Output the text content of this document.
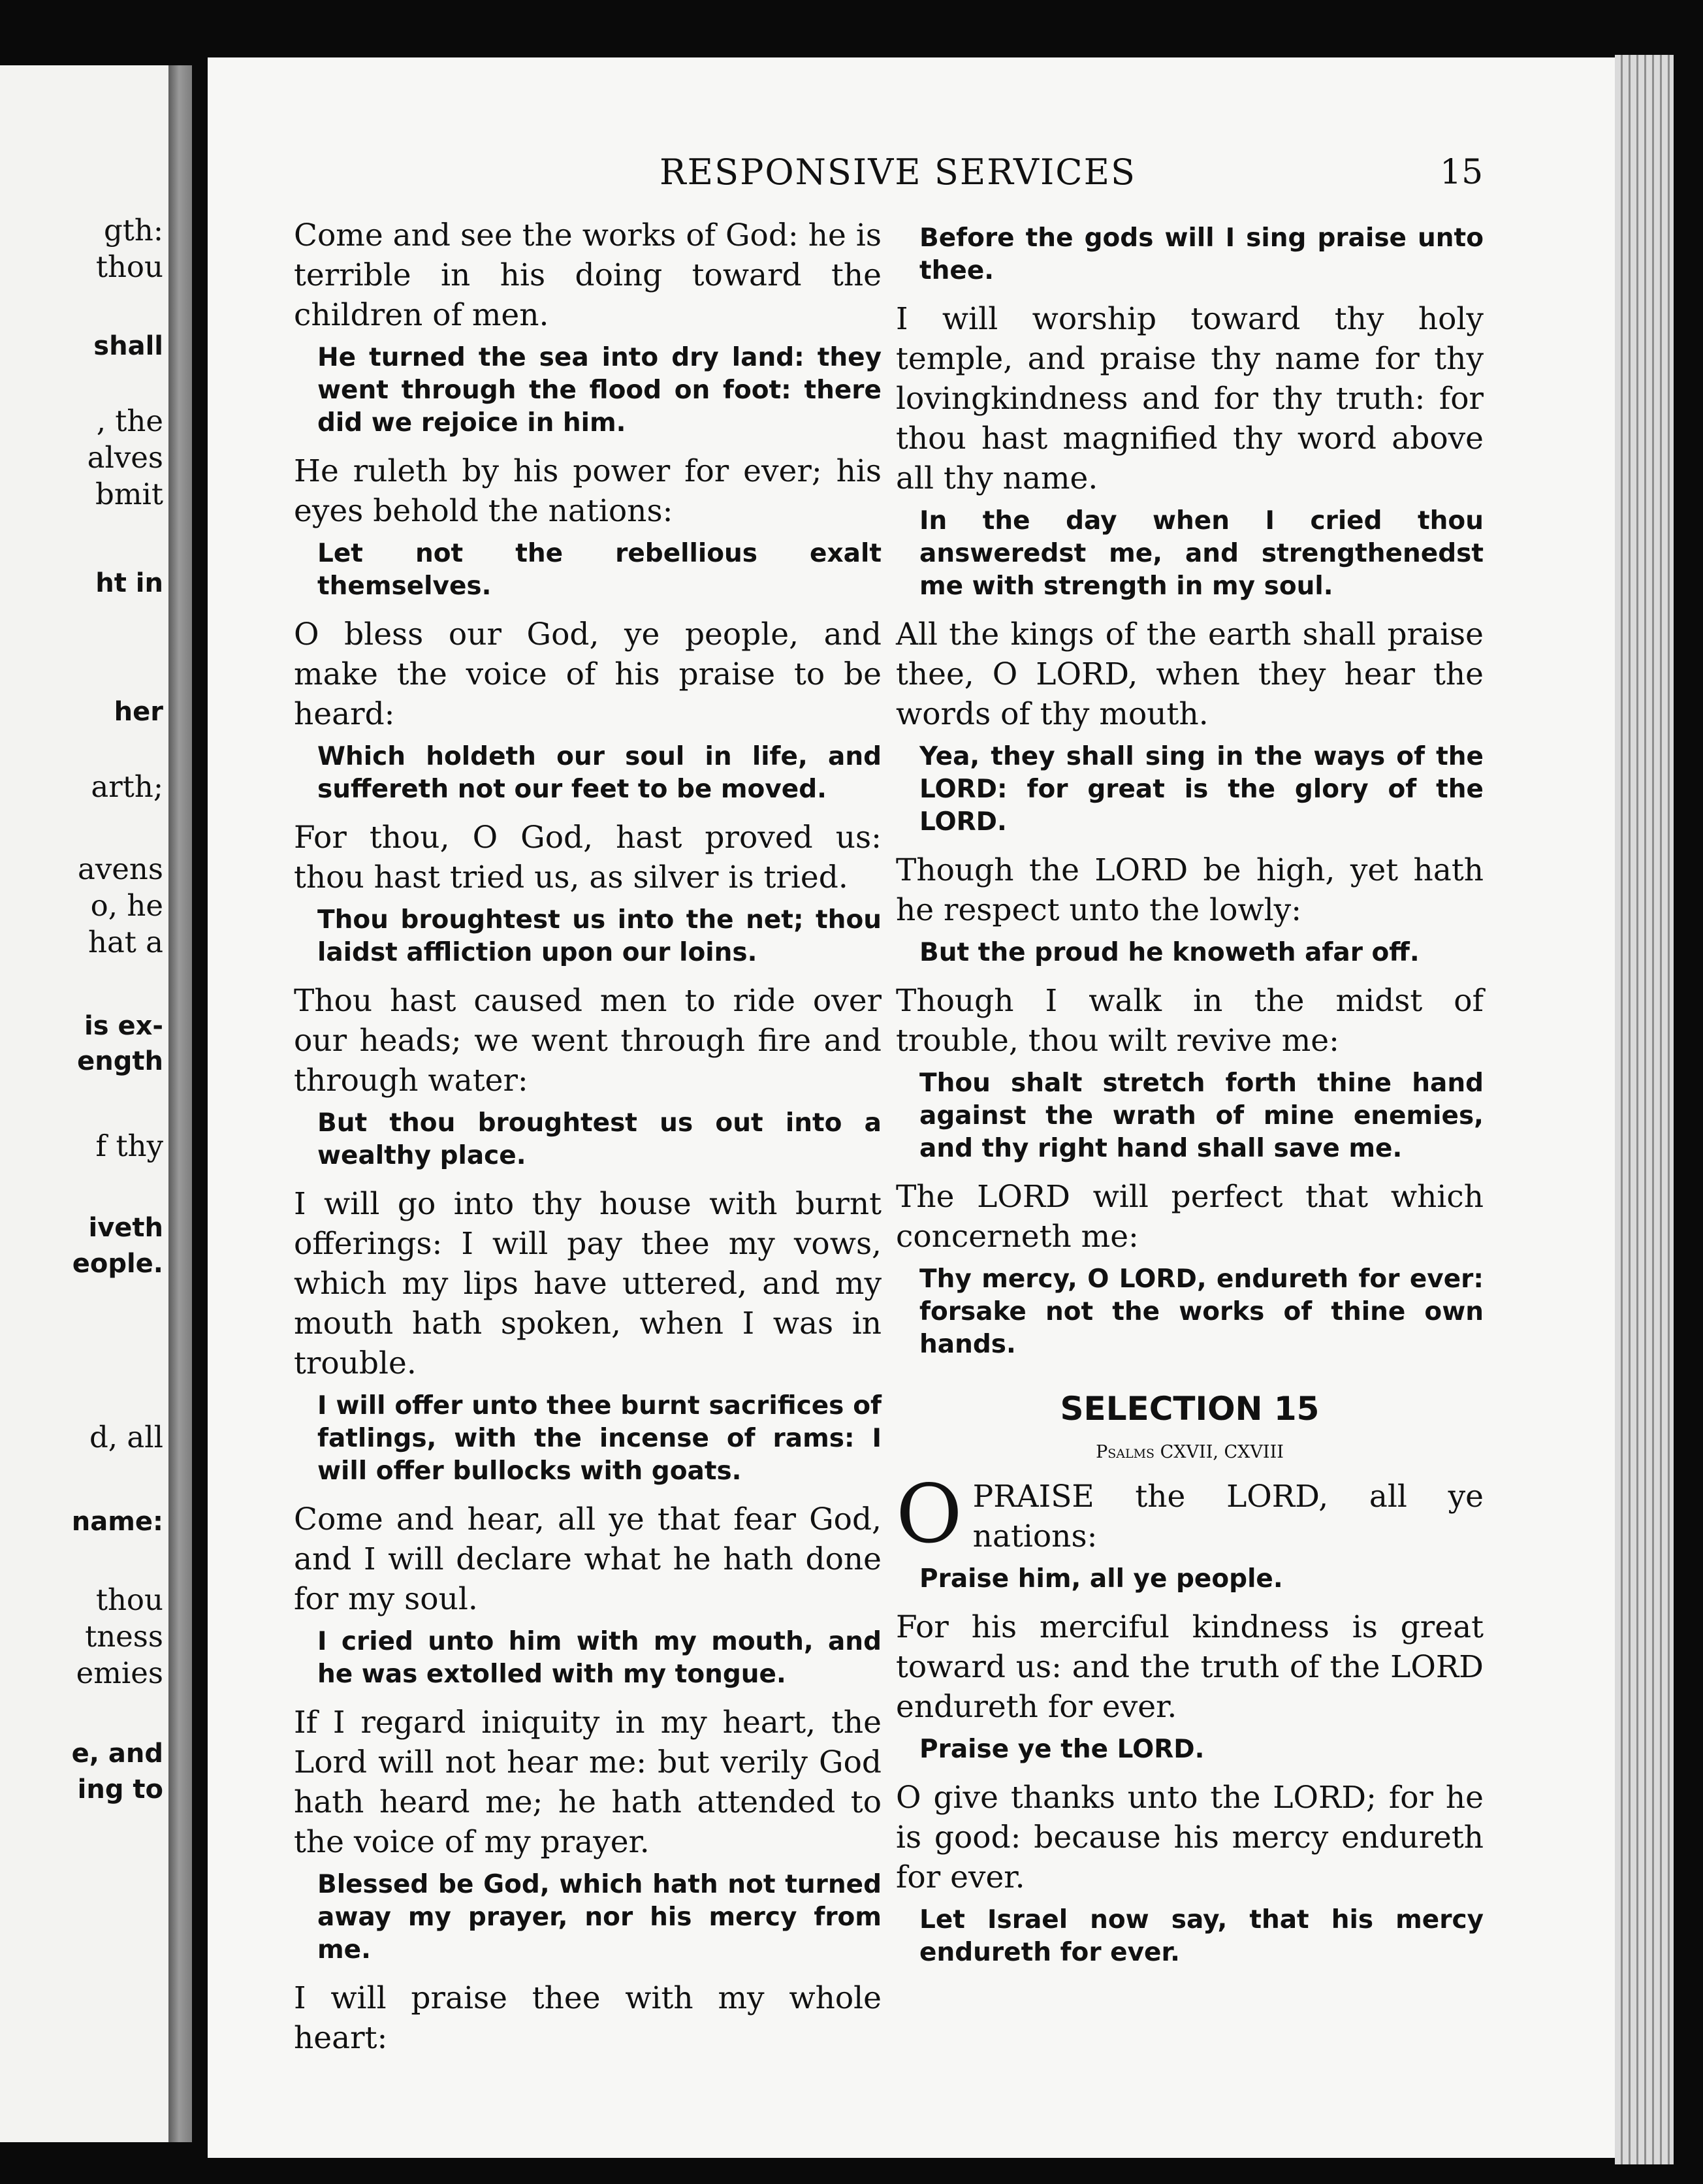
RESPONSIVE SERVICES	15

Come and see the works of God: he is terrible in his doing toward the children of men.

He turned the sea into dry land: they went through the flood on foot: there did we rejoice in him.

He ruleth by his power for ever; his eyes behold the nations:

Let not the rebellious exalt themselves.

O bless our God, ye people, and make the voice of his praise to be heard:

Which holdeth our soul in life, and suffereth not our feet to be moved.

For thou, O God, hast proved us: thou hast tried us, as silver is tried.

Thou broughtest us into the net; thou laidst affliction upon our loins.

Thou hast caused men to ride over our heads; we went through fire and through water:

But thou broughtest us out into a wealthy place.

I will go into thy house with burnt offerings: I will pay thee my vows, which my lips have uttered, and my mouth hath spoken, when I was in trouble.

I will offer unto thee burnt sacrifices of fatlings, with the incense of rams: I will offer bullocks with goats.

Come and hear, all ye that fear God, and I will declare what he hath done for my soul.

I cried unto him with my mouth, and he was extolled with my tongue.

If I regard iniquity in my heart, the Lord will not hear me: but verily God hath heard me; he hath attended to the voice of my prayer.

Blessed be God, which hath not turned away my prayer, nor his mercy from me.

I will praise thee with my whole heart:

Before the gods will I sing praise unto thee.

I will worship toward thy holy temple, and praise thy name for thy lovingkindness and for thy truth: for thou hast magnified thy word above all thy name.

In the day when I cried thou answeredst me, and strengthenedst me with strength in my soul.

All the kings of the earth shall praise thee, O LORD, when they hear the words of thy mouth.

Yea, they shall sing in the ways of the LORD: for great is the glory of the LORD.

Though the LORD be high, yet hath he respect unto the lowly:

But the proud he knoweth afar off.

Though I walk in the midst of trouble, thou wilt revive me:

Thou shalt stretch forth thine hand against the wrath of mine enemies, and thy right hand shall save me.

The LORD will perfect that which concerneth me:

Thy mercy, O LORD, endureth for ever: forsake not the works of thine own hands.

SELECTION 15
Psalms CXVII, CXVIII

O PRAISE the LORD, all ye nations:

Praise him, all ye people.

For his merciful kindness is great toward us: and the truth of the LORD endureth for ever.

Praise ye the LORD.

O give thanks unto the LORD; for he is good: because his mercy endureth for ever.

Let Israel now say, that his mercy endureth for ever.

gth:
thou
shall
, the
alves
bmit
ht in
her
arth;
avens
o, he
hat a
is ex-
ength
f thy
iveth
eople.
d, all
name:
thou
tness
emies
e, and
ing to
